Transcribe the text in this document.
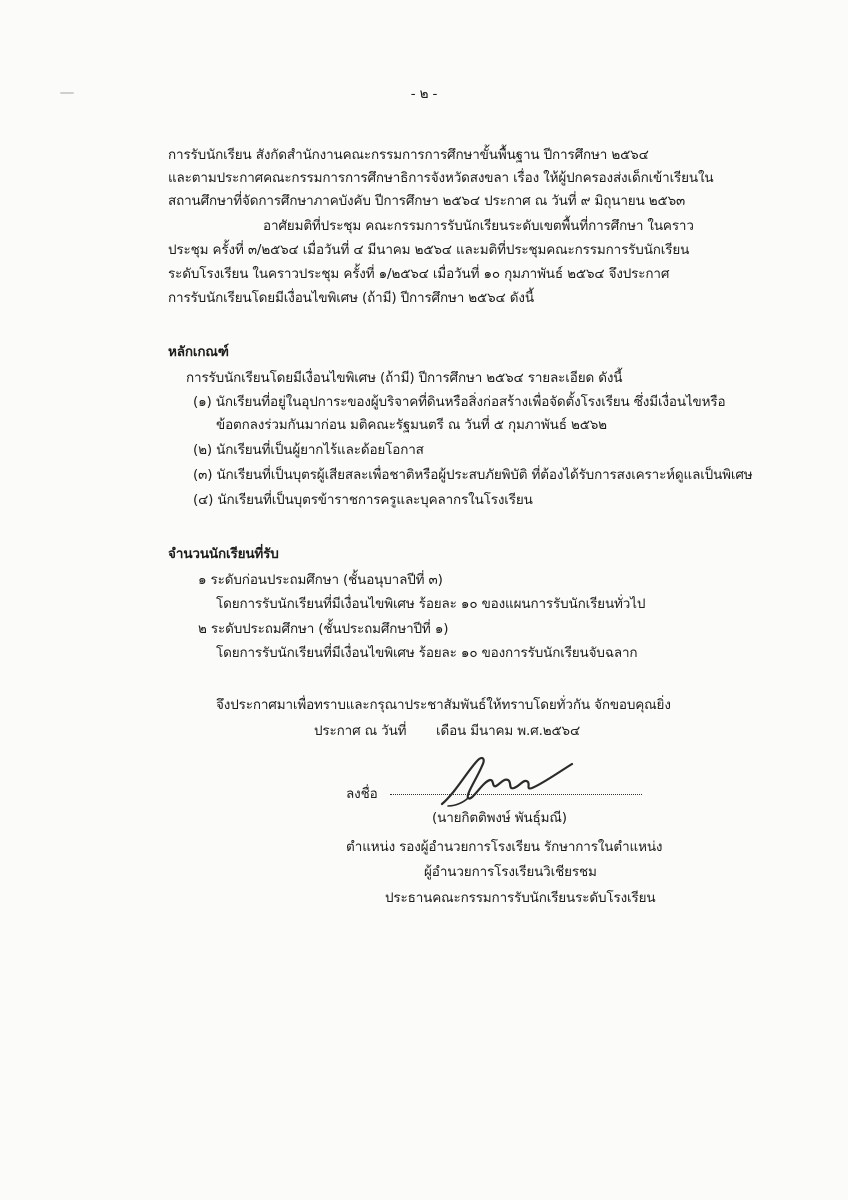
- ๒ -
การรับนักเรียน สังกัดสำนักงานคณะกรรมการการศึกษาขั้นพื้นฐาน ปีการศึกษา ๒๕๖๔
และตามประกาศคณะกรรมการการศึกษาธิการจังหวัดสงขลา เรื่อง ให้ผู้ปกครองส่งเด็กเข้าเรียนใน
สถานศึกษาที่จัดการศึกษาภาคบังคับ ปีการศึกษา ๒๕๖๔ ประกาศ ณ วันที่ ๙ มิถุนายน ๒๕๖๓
อาศัยมติที่ประชุม คณะกรรมการรับนักเรียนระดับเขตพื้นที่การศึกษา ในคราว
ประชุม ครั้งที่ ๓/๒๕๖๔ เมื่อวันที่ ๔ มีนาคม ๒๕๖๔ และมติที่ประชุมคณะกรรมการรับนักเรียน
ระดับโรงเรียน ในคราวประชุม ครั้งที่ ๑/๒๕๖๔ เมื่อวันที่ ๑๐ กุมภาพันธ์ ๒๕๖๔ จึงประกาศ
การรับนักเรียนโดยมีเงื่อนไขพิเศษ (ถ้ามี) ปีการศึกษา ๒๕๖๔ ดังนี้
หลักเกณฑ์
การรับนักเรียนโดยมีเงื่อนไขพิเศษ (ถ้ามี) ปีการศึกษา ๒๕๖๔ รายละเอียด ดังนี้
(๑) นักเรียนที่อยู่ในอุปการะของผู้บริจาคที่ดินหรือสิ่งก่อสร้างเพื่อจัดตั้งโรงเรียน ซึ่งมีเงื่อนไขหรือ
ข้อตกลงร่วมกันมาก่อน มติคณะรัฐมนตรี ณ วันที่ ๕ กุมภาพันธ์ ๒๕๖๒
(๒) นักเรียนที่เป็นผู้ยากไร้และด้อยโอกาส
(๓) นักเรียนที่เป็นบุตรผู้เสียสละเพื่อชาติหรือผู้ประสบภัยพิบัติ ที่ต้องได้รับการสงเคราะห์ดูแลเป็นพิเศษ
(๔) นักเรียนที่เป็นบุตรข้าราชการครูและบุคลากรในโรงเรียน
จำนวนนักเรียนที่รับ
๑ ระดับก่อนประถมศึกษา (ชั้นอนุบาลปีที่ ๓)
โดยการรับนักเรียนที่มีเงื่อนไขพิเศษ ร้อยละ ๑๐ ของแผนการรับนักเรียนทั่วไป
๒ ระดับประถมศึกษา (ชั้นประถมศึกษาปีที่ ๑)
โดยการรับนักเรียนที่มีเงื่อนไขพิเศษ ร้อยละ ๑๐ ของการรับนักเรียนจับฉลาก
จึงประกาศมาเพื่อทราบและกรุณาประชาสัมพันธ์ให้ทราบโดยทั่วกัน จักขอบคุณยิ่ง
ประกาศ ณ วันที่ เดือน มีนาคม พ.ศ.๒๕๖๔
ลงชื่อ
(นายกิตติพงษ์ พันธุ์มณี)
ตำแหน่ง รองผู้อำนวยการโรงเรียน รักษาการในตำแหน่ง
ผู้อำนวยการโรงเรียนวิเชียรชม
ประธานคณะกรรมการรับนักเรียนระดับโรงเรียน
